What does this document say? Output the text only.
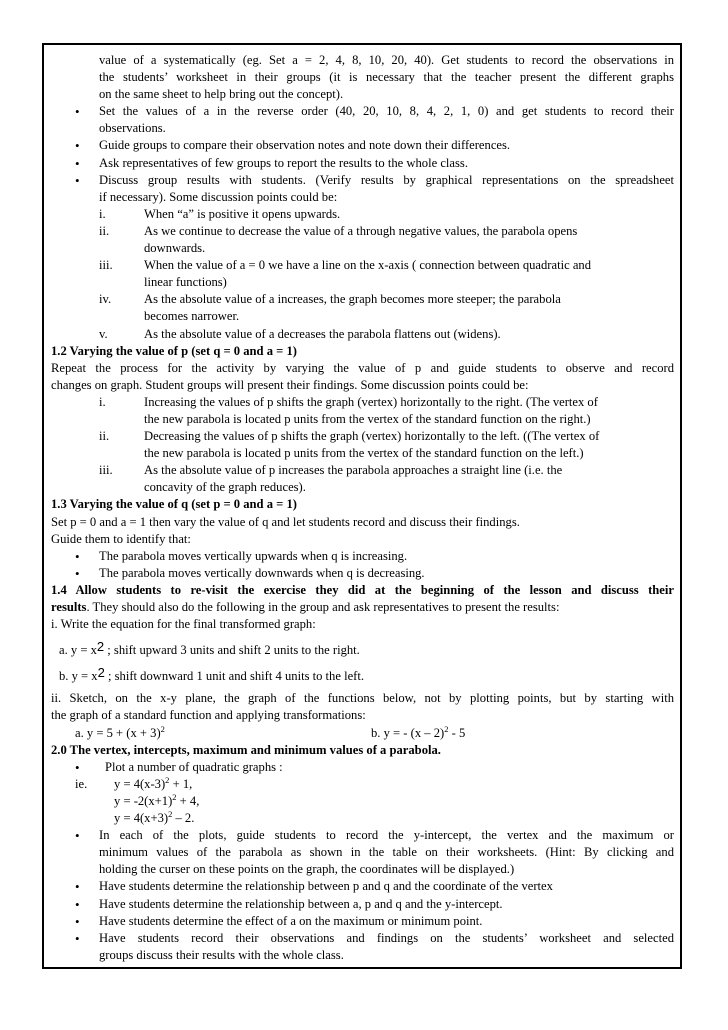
value of a systematically (eg. Set a = 2, 4, 8, 10, 20, 40). Get students to record the observations in
the students’ worksheet in their groups (it is necessary that the teacher present the different graphs
on the same sheet to help bring out the concept).
• Set the values of a in the reverse order (40, 20, 10, 8, 4, 2, 1, 0) and get students to record their
observations.
• Guide groups to compare their observation notes and note down their differences.
• Ask representatives of few groups to report the results to the whole class.
• Discuss group results with students. (Verify results by graphical representations on the spreadsheet
if necessary). Some discussion points could be:
i.	When “a” is positive it opens upwards.
ii.	As we continue to decrease the value of a through negative values, the parabola opens
downwards.
iii. When the value of a = 0 we have a line on the x-axis ( connection between quadratic and
linear functions)
iv.	As the absolute value of a increases, the graph becomes more steeper; the parabola
becomes narrower.
v.	As the absolute value of a decreases the parabola flattens out (widens).
1.2 Varying the value of p (set q = 0 and a = 1)
Repeat the process for the activity by varying the value of p and guide students to observe and record
changes on graph. Student groups will present their findings. Some discussion points could be:
i.	Increasing the values of p shifts the graph (vertex) horizontally to the right. (The vertex of
the new parabola is located p units from the vertex of the standard function on the right.)
ii.	Decreasing the values of p shifts the graph (vertex) horizontally to the left. ((The vertex of
the new parabola is located p units from the vertex of the standard function on the left.)
iii. As the absolute value of p increases the parabola approaches a straight line (i.e. the
concavity of the graph reduces).
1.3 Varying the value of q (set p = 0 and a = 1)
Set p = 0 and a = 1 then vary the value of q and let students record and discuss their findings.
Guide them to identify that:
• The parabola moves vertically upwards when q is increasing.
• The parabola moves vertically downwards when q is decreasing.
1.4 Allow students to re-visit the exercise they did at the beginning of the lesson and discuss their
results. They should also do the following in the group and ask representatives to present the results:
i. Write the equation for the final transformed graph:
a. y = x2 ; shift upward 3 units and shift 2 units to the right.
b. y = x2 ; shift downward 1 unit and shift 4 units to the left.
ii. Sketch, on the x-y plane, the graph of the functions below, not by plotting points, but by starting with
the graph of a standard function and applying transformations:
a. $y = 5 + (x + 3)^2$	b. y = - (x – 2)$^2$ - 5
2.0 The vertex, intercepts, maximum and minimum values of a parabola.
• Plot a number of quadratic graphs :
ie. $y = 4(x-3)^2 + 1$,
$y = -2(x+1)^2 + 4$,
$y = 4(x+3)^2 - 2$.
• In each of the plots, guide students to record the y-intercept, the vertex and the maximum or
minimum values of the parabola as shown in the table on their worksheets. (Hint: By clicking and
holding the curser on these points on the graph, the coordinates will be displayed.)
• Have students determine the relationship between p and q and the coordinate of the vertex
• Have students determine the relationship between a, p and q and the y-intercept.
• Have students determine the effect of a on the maximum or minimum point.
• Have students record their observations and findings on the students’ worksheet and selected
groups discuss their results with the whole class.
